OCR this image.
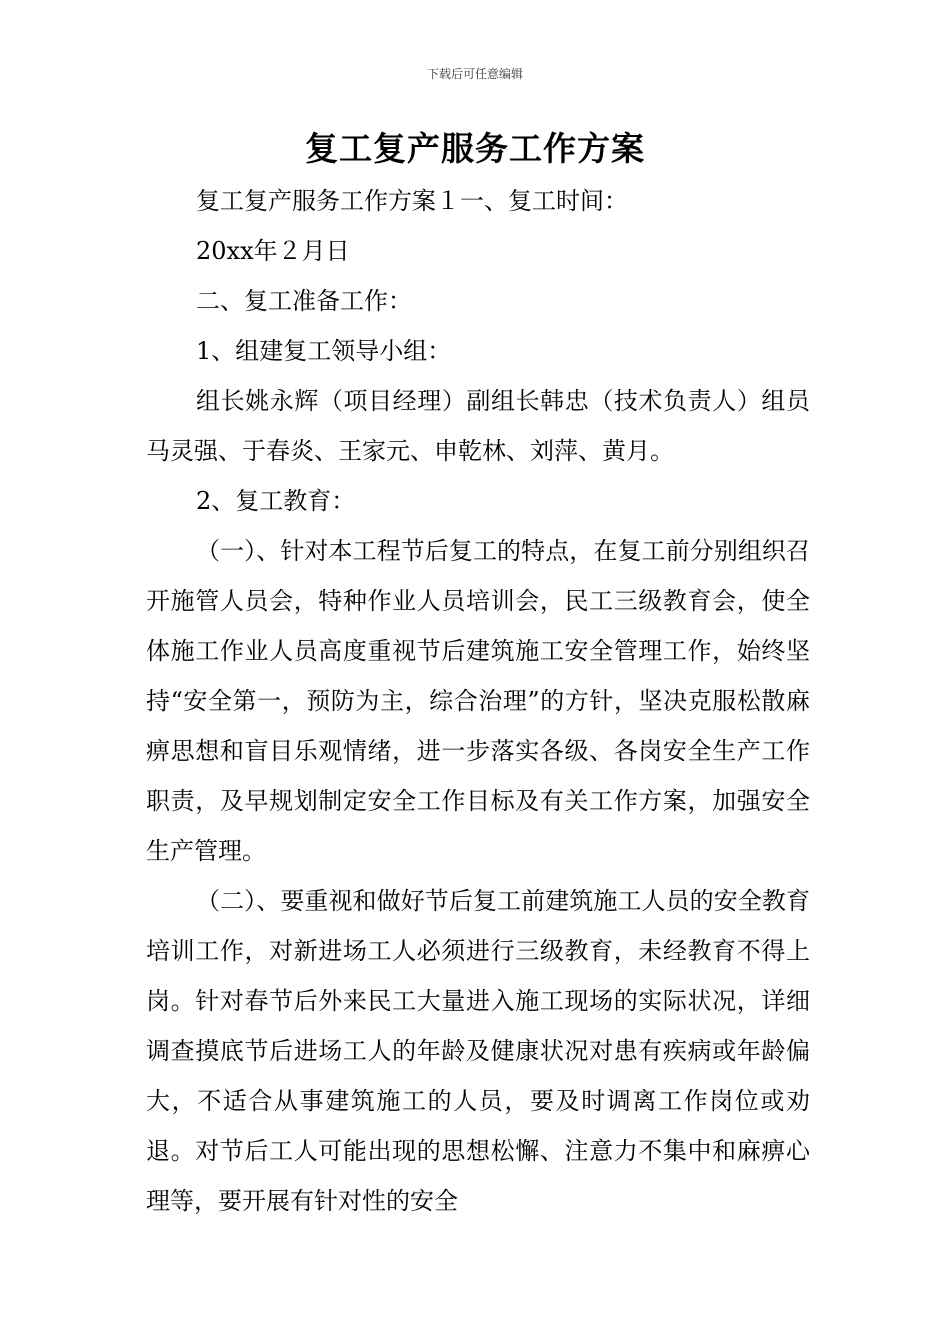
下载后可任意编辑
复工复产服务工作方案

复工复产服务工作方案１一、复工时间：

20xx年２月日

二、复工准备工作：

1、组建复工领导小组：

组长姚永辉（项目经理）副组长韩忠（技术负责人）组员马灵强、于春炎、王家元、申乾林、刘萍、黄月。

2、复工教育：

（一）、针对本工程节后复工的特点，在复工前分别组织召开施管人员会，特种作业人员培训会，民工三级教育会，使全体施工作业人员高度重视节后建筑施工安全管理工作，始终坚持“安全第一，预防为主，综合治理”的方针，坚决克服松散麻痹思想和盲目乐观情绪，进一步落实各级、各岗安全生产工作职责，及早规划制定安全工作目标及有关工作方案，加强安全生产管理。

（二）、要重视和做好节后复工前建筑施工人员的安全教育培训工作，对新进场工人必须进行三级教育，未经教育不得上岗。针对春节后外来民工大量进入施工现场的实际状况，详细调查摸底节后进场工人的年龄及健康状况对患有疾病或年龄偏大，不适合从事建筑施工的人员，要及时调离工作岗位或劝退。对节后工人可能出现的思想松懈、注意力不集中和麻痹心理等，要开展有针对性的安全
